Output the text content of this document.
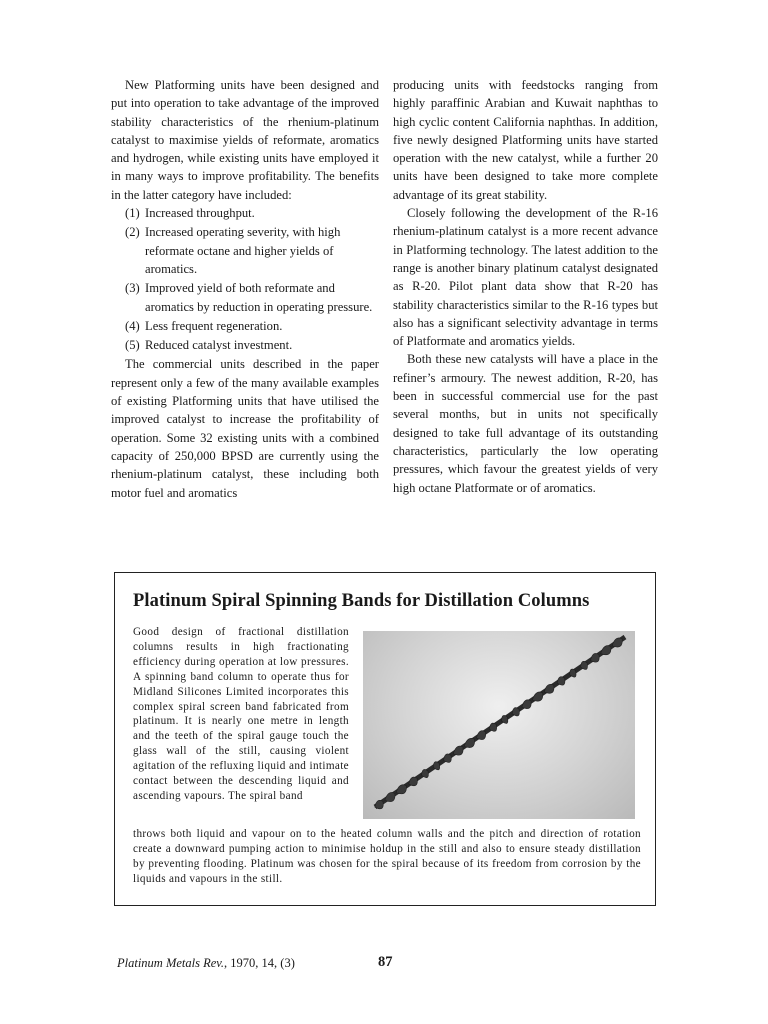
New Platforming units have been designed and put into operation to take advantage of the improved stability characteristics of the rhenium-platinum catalyst to maximise yields of reformate, aromatics and hydrogen, while existing units have employed it in many ways to improve profitability. The benefits in the latter category have included:

(1) Increased throughput.
(2) Increased operating severity, with high reformate octane and higher yields of aromatics.
(3) Improved yield of both reformate and aromatics by reduction in operating pressure.
(4) Less frequent regeneration.
(5) Reduced catalyst investment.

The commercial units described in the paper represent only a few of the many available examples of existing Platforming units that have utilised the improved catalyst to increase the profitability of operation. Some 32 existing units with a combined capacity of 250,000 BPSD are currently using the rhenium-platinum catalyst, these including both motor fuel and aromatics

producing units with feedstocks ranging from highly paraffinic Arabian and Kuwait naphthas to high cyclic content California naphthas. In addition, five newly designed Platforming units have started operation with the new catalyst, while a further 20 units have been designed to take more complete advantage of its great stability.

Closely following the development of the R-16 rhenium-platinum catalyst is a more recent advance in Platforming technology. The latest addition to the range is another binary platinum catalyst designated as R-20. Pilot plant data show that R-20 has stability characteristics similar to the R-16 types but also has a significant selectivity advantage in terms of Platformate and aromatics yields.

Both these new catalysts will have a place in the refiner’s armoury. The newest addition, R-20, has been in successful commercial use for the past several months, but in units not specifically designed to take full advantage of its outstanding characteristics, particularly the low operating pressures, which favour the greatest yields of very high octane Platformate or of aromatics.

Platinum Spiral Spinning Bands for Distillation Columns
Good design of fractional distillation columns results in high fractionating efficiency during operation at low pressures. A spinning band column to operate thus for Midland Silicones Limited incorporates this complex spiral screen band fabricated from platinum. It is nearly one metre in length and the teeth of the spiral gauge touch the glass wall of the still, causing violent agitation of the refluxing liquid and intimate contact between the descending liquid and ascending vapours. The spiral band
throws both liquid and vapour on to the heated column walls and the pitch and direction of rotation create a downward pumping action to minimise holdup in the still and also to ensure steady distillation by preventing flooding. Platinum was chosen for the spiral because of its freedom from corrosion by the liquids and vapours in the still.
Platinum Metals Rev., 1970, 14, (3)	87
